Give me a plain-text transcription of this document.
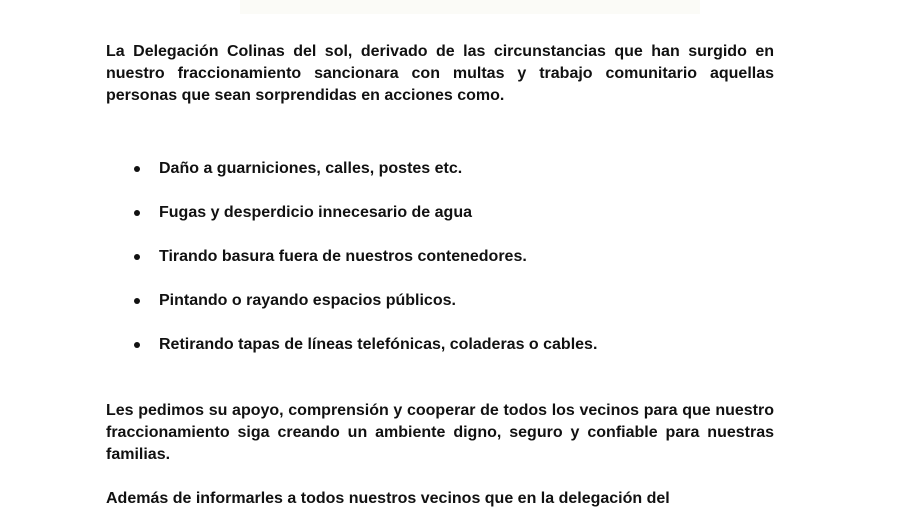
La Delegación Colinas del sol, derivado de las circunstancias que han surgido en nuestro fraccionamiento sancionara con multas y trabajo comunitario aquellas personas que sean sorprendidas en acciones como.

Daño a guarniciones, calles, postes etc.
Fugas y desperdicio innecesario de agua
Tirando basura fuera de nuestros contenedores.
Pintando o rayando espacios públicos.
Retirando tapas de líneas telefónicas, coladeras o cables.

Les pedimos su apoyo, comprensión y cooperar de todos los vecinos para que nuestro fraccionamiento siga creando un ambiente digno, seguro y confiable para nuestras familias.

Además de informarles a todos nuestros vecinos que en la delegación del
